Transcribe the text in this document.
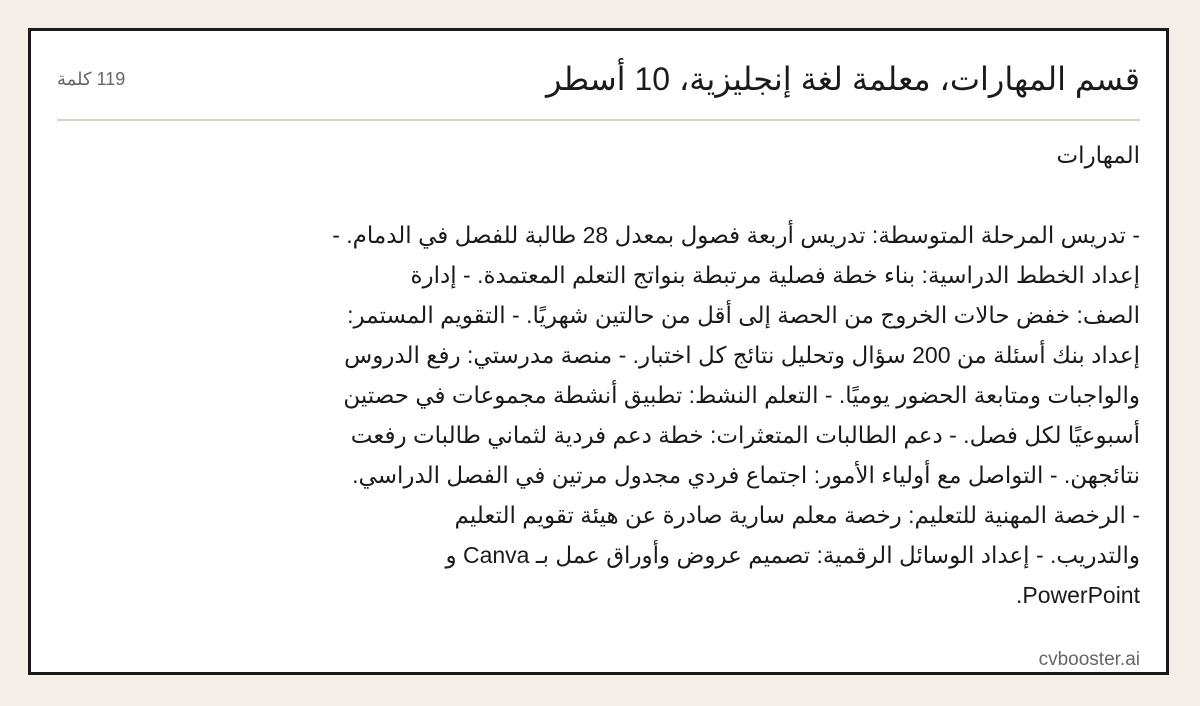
قسم المهارات، معلمة لغة إنجليزية، 10 أسطر
119 كلمة

المهارات

- تدريس المرحلة المتوسطة: تدريس أربعة فصول بمعدل 28 طالبة للفصل في الدمام. -
إعداد الخطط الدراسية: بناء خطة فصلية مرتبطة بنواتج التعلم المعتمدة. - إدارة
الصف: خفض حالات الخروج من الحصة إلى أقل من حالتين شهريًا. - التقويم المستمر:
إعداد بنك أسئلة من 200 سؤال وتحليل نتائج كل اختبار. - منصة مدرستي: رفع الدروس
والواجبات ومتابعة الحضور يوميًا. - التعلم النشط: تطبيق أنشطة مجموعات في حصتين
أسبوعيًا لكل فصل. - دعم الطالبات المتعثرات: خطة دعم فردية لثماني طالبات رفعت
نتائجهن. - التواصل مع أولياء الأمور: اجتماع فردي مجدول مرتين في الفصل الدراسي.
- الرخصة المهنية للتعليم: رخصة معلم سارية صادرة عن هيئة تقويم التعليم
والتدريب. - إعداد الوسائل الرقمية: تصميم عروض وأوراق عمل بـ Canva و
PowerPoint.

cvbooster.ai
